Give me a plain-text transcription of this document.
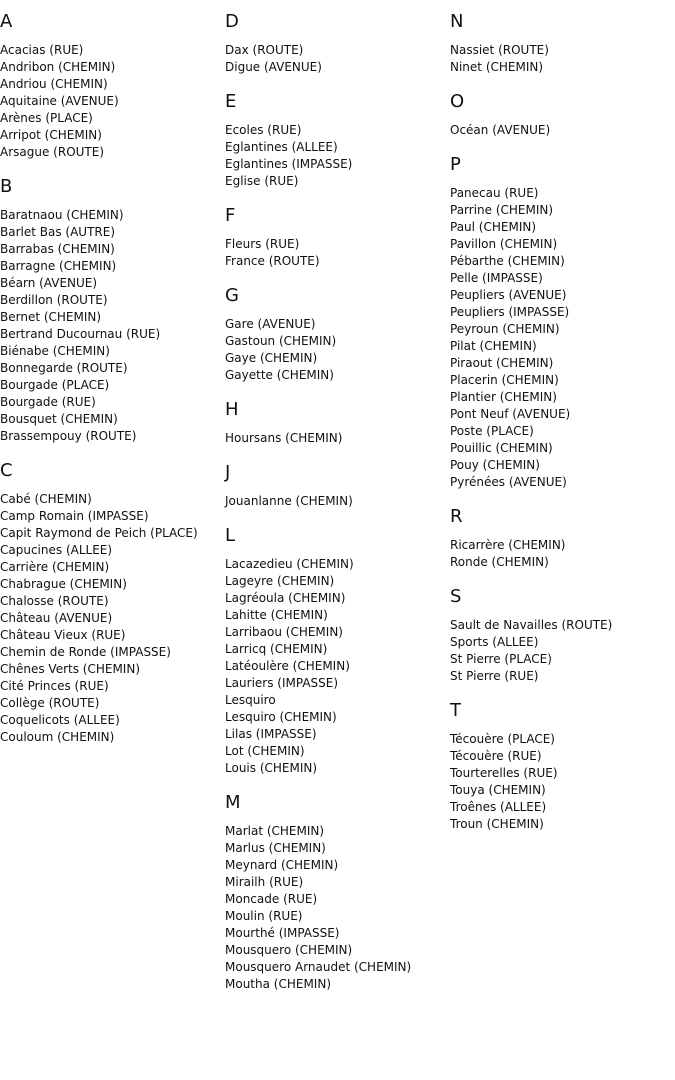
A
Acacias (RUE)
Andribon (CHEMIN)
Andriou (CHEMIN)
Aquitaine (AVENUE)
Arènes (PLACE)
Arripot (CHEMIN)
Arsague (ROUTE)
B
Baratnaou (CHEMIN)
Barlet Bas (AUTRE)
Barrabas (CHEMIN)
Barragne (CHEMIN)
Béarn (AVENUE)
Berdillon (ROUTE)
Bernet (CHEMIN)
Bertrand Ducournau (RUE)
Biénabe (CHEMIN)
Bonnegarde (ROUTE)
Bourgade (PLACE)
Bourgade (RUE)
Bousquet (CHEMIN)
Brassempouy (ROUTE)
C
Cabé (CHEMIN)
Camp Romain (IMPASSE)
Capit Raymond de Peich (PLACE)
Capucines (ALLEE)
Carrière (CHEMIN)
Chabrague (CHEMIN)
Chalosse (ROUTE)
Château (AVENUE)
Château Vieux (RUE)
Chemin de Ronde (IMPASSE)
Chênes Verts (CHEMIN)
Cité Princes (RUE)
Collège (ROUTE)
Coquelicots (ALLEE)
Couloum (CHEMIN)
D
Dax (ROUTE)
Digue (AVENUE)
E
Ecoles (RUE)
Eglantines (ALLEE)
Eglantines (IMPASSE)
Eglise (RUE)
F
Fleurs (RUE)
France (ROUTE)
G
Gare (AVENUE)
Gastoun (CHEMIN)
Gaye (CHEMIN)
Gayette (CHEMIN)
H
Hoursans (CHEMIN)
J
Jouanlanne (CHEMIN)
L
Lacazedieu (CHEMIN)
Lageyre (CHEMIN)
Lagréoula (CHEMIN)
Lahitte (CHEMIN)
Larribaou (CHEMIN)
Larricq (CHEMIN)
Latéoulère (CHEMIN)
Lauriers (IMPASSE)
Lesquiro
Lesquiro (CHEMIN)
Lilas (IMPASSE)
Lot (CHEMIN)
Louis (CHEMIN)
M
Marlat (CHEMIN)
Marlus (CHEMIN)
Meynard (CHEMIN)
Mirailh (RUE)
Moncade (RUE)
Moulin (RUE)
Mourthé (IMPASSE)
Mousquero (CHEMIN)
Mousquero Arnaudet (CHEMIN)
Moutha (CHEMIN)
N
Nassiet (ROUTE)
Ninet (CHEMIN)
O
Océan (AVENUE)
P
Panecau (RUE)
Parrine (CHEMIN)
Paul (CHEMIN)
Pavillon (CHEMIN)
Pébarthe (CHEMIN)
Pelle (IMPASSE)
Peupliers (AVENUE)
Peupliers (IMPASSE)
Peyroun (CHEMIN)
Pilat (CHEMIN)
Piraout (CHEMIN)
Placerin (CHEMIN)
Plantier (CHEMIN)
Pont Neuf (AVENUE)
Poste (PLACE)
Pouillic (CHEMIN)
Pouy (CHEMIN)
Pyrénées (AVENUE)
R
Ricarrère (CHEMIN)
Ronde (CHEMIN)
S
Sault de Navailles (ROUTE)
Sports (ALLEE)
St Pierre (PLACE)
St Pierre (RUE)
T
Técouère (PLACE)
Técouère (RUE)
Tourterelles (RUE)
Touya (CHEMIN)
Troênes (ALLEE)
Troun (CHEMIN)
